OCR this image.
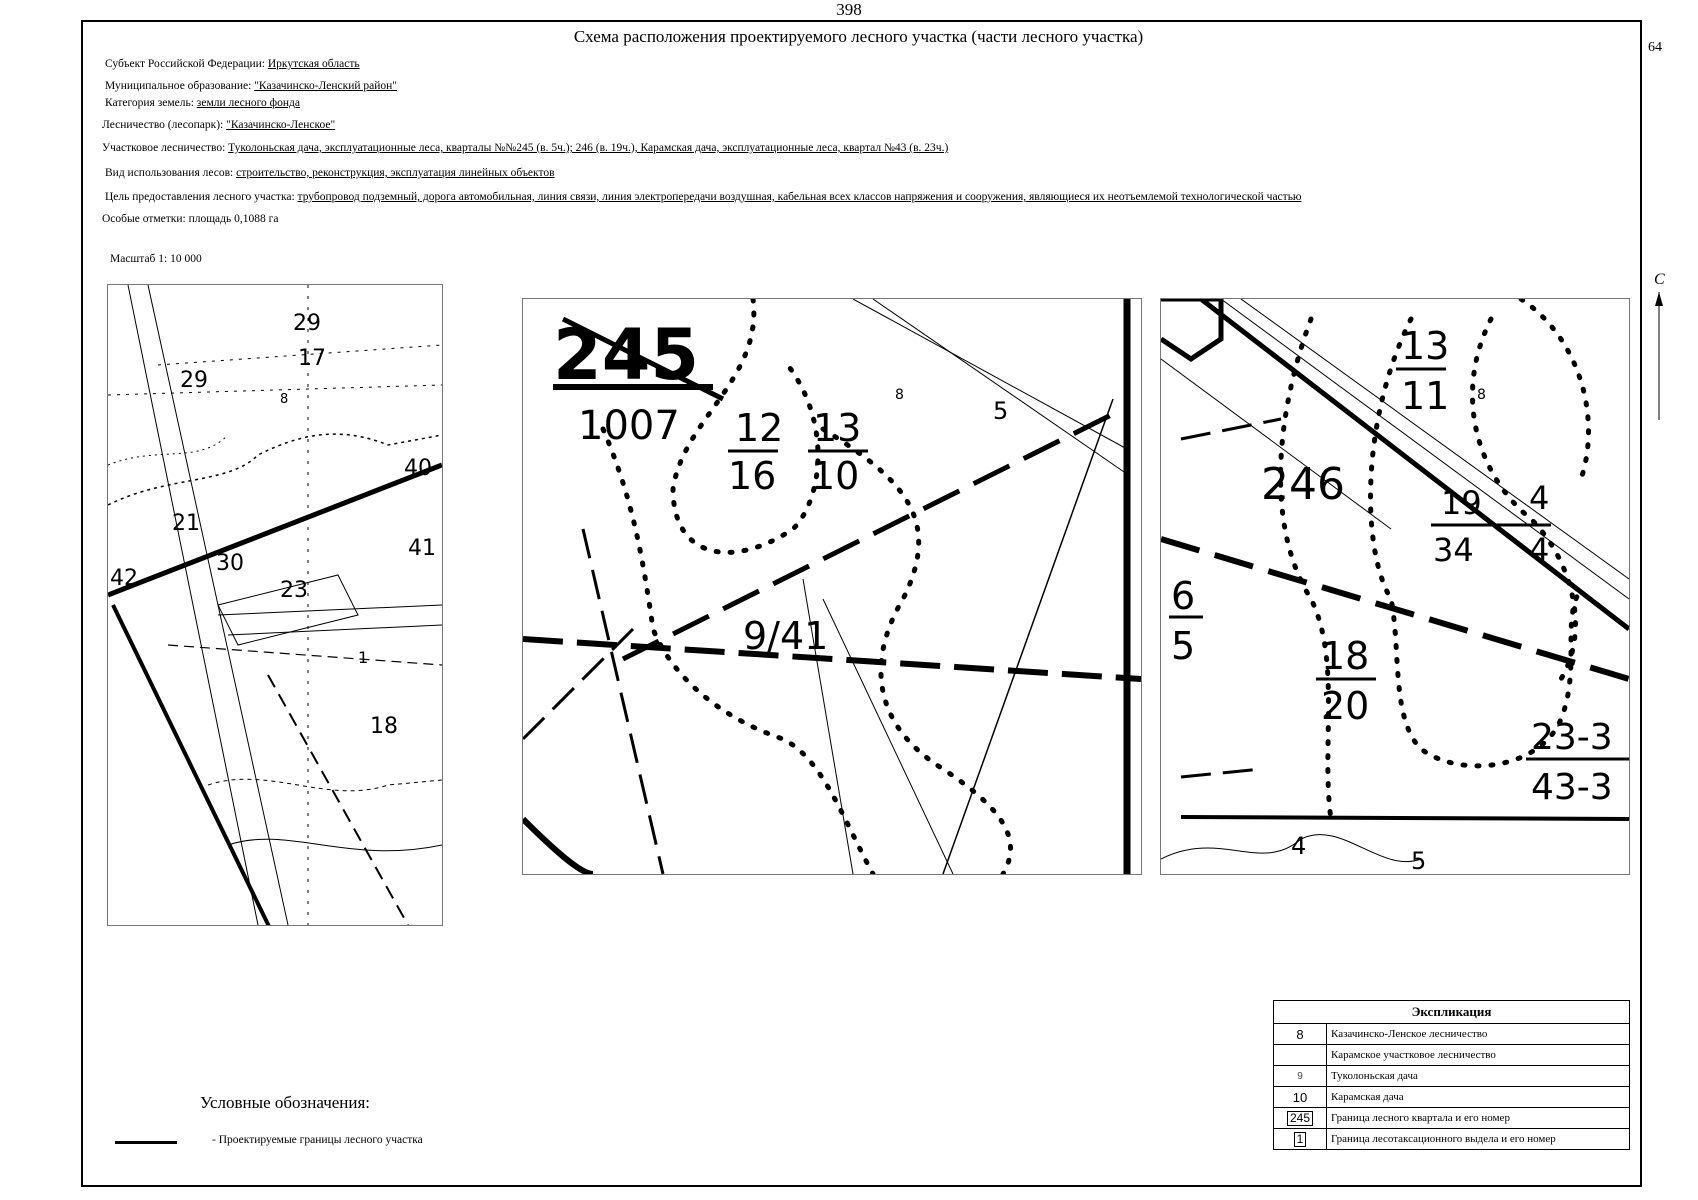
398
Схема расположения проектируемого лесного участка (части лесного участка)
64
Субъект Российской Федерации: Иркутская область
Муниципальное образование: "Казачинско-Ленский район"
Категория земель: земли лесного фонда
Лесничество (лесопарк): "Казачинско-Ленское"
Участковое лесничество: Туколоньская дача, эксплуатационные леса, кварталы №№245 (в. 5ч.); 246 (в. 19ч.), Карамская дача, эксплуатационные леса, квартал №43 (в. 23ч.)
Вид использования лесов: строительство, реконструкция, эксплуатация линейных объектов
Цель предоставления лесного участка: трубопровод подземный, дорога автомобильная, линия связи, линия электропередачи воздушная, кабельная всех классов напряжения и сооружения, являющиеся их неотъемлемой технологической частью
Особые отметки: площадь 0,1088 га
Масштаб 1: 10 000
С
29
17
29
8
40
21
30
23
41
42
1
18
245
1007 12
16
13
10
8
5
9/41
13
11 8
246	19 4
34 4
6
5	18
20
23-3
43-3
4
5
Условные обозначения:
- Проектируемые границы лесного участка
Экспликация	
8	Казачинско-Ленское лесничество
	Карамское участковое лесничество
9	Туколоньская дача
10	Карамская дача
245	Граница лесного квартала и его номер
1	Граница лесотаксационного выдела и его номер
